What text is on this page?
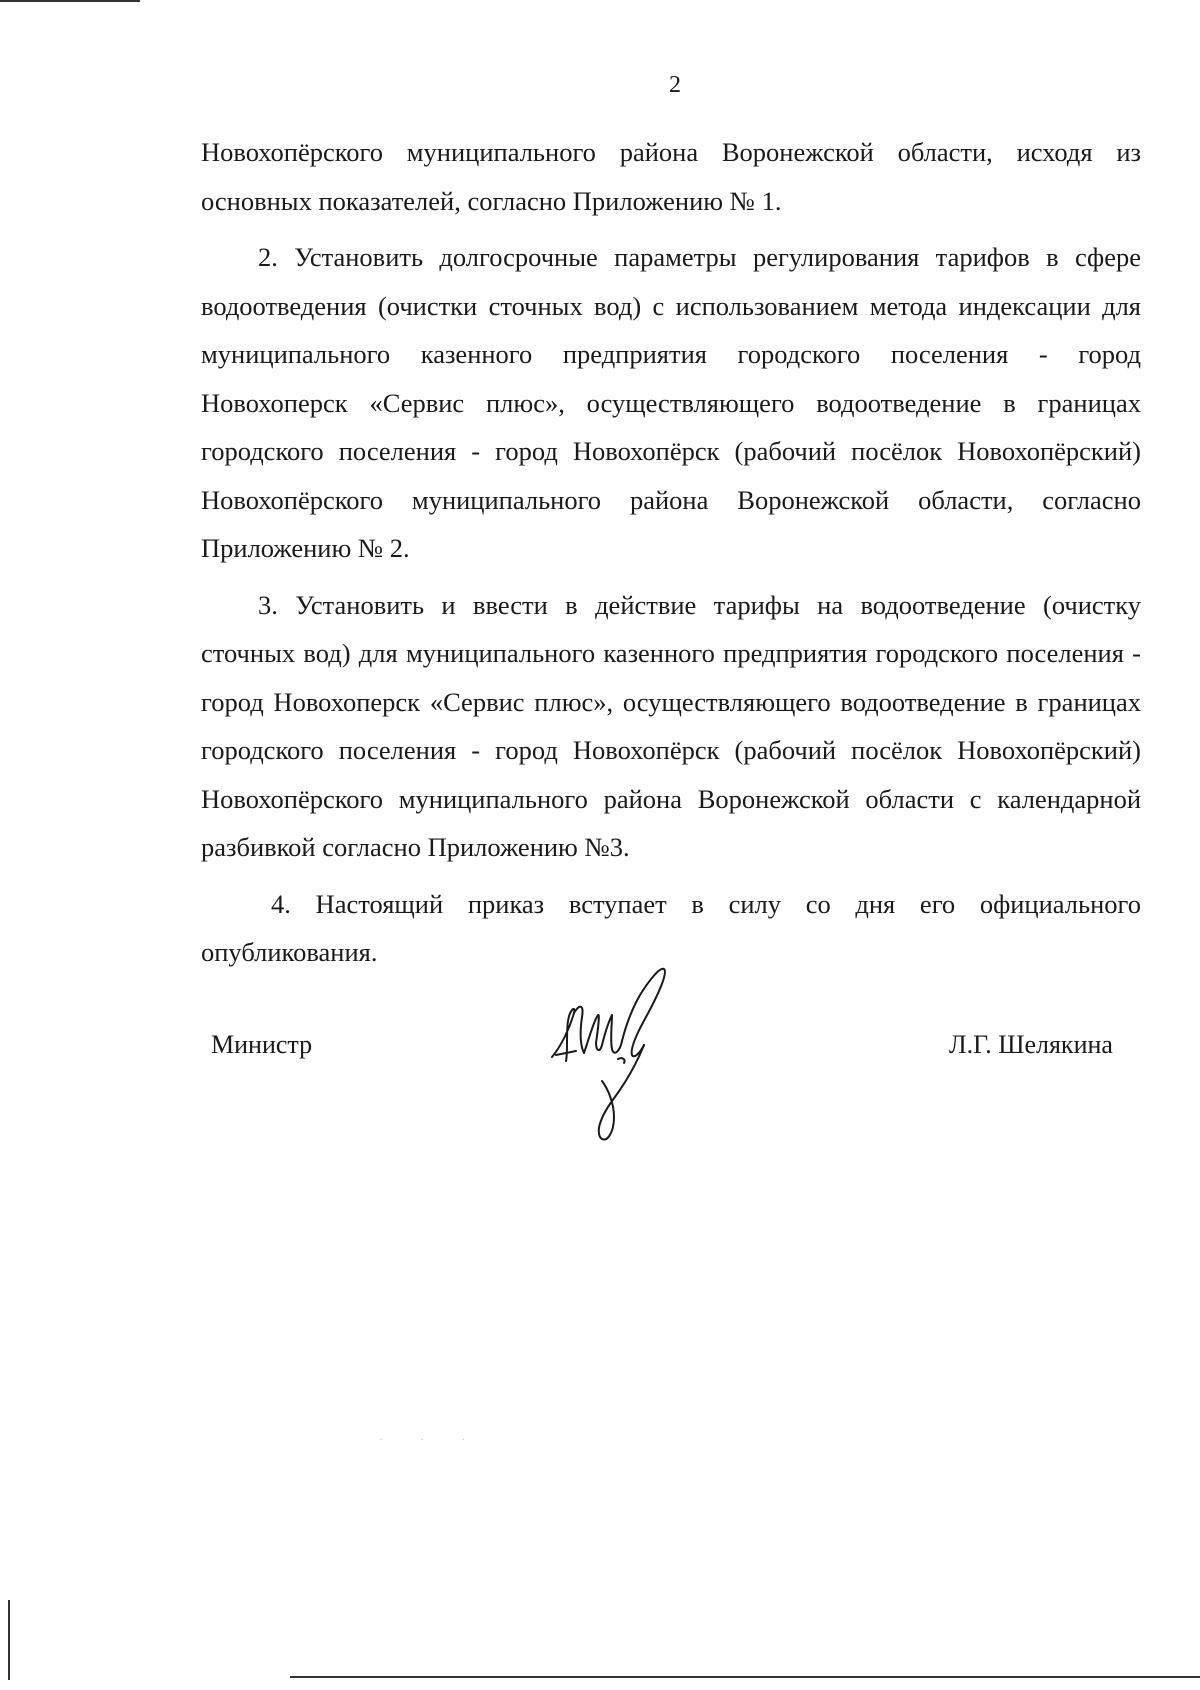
2

Новохопёрского муниципального района Воронежской области, исходя из основных показателей, согласно Приложению № 1.

2. Установить долгосрочные параметры регулирования тарифов в сфере водоотведения (очистки сточных вод) с использованием метода индексации для муниципального казенного предприятия городского поселения - город Новохоперск «Сервис плюс», осуществляющего водоотведение в границах городского поселения - город Новохопёрск (рабочий посёлок Новохопёрский) Новохопёрского муниципального района Воронежской области, согласно Приложению № 2.

3. Установить и ввести в действие тарифы на водоотведение (очистку сточных вод) для муниципального казенного предприятия городского поселения - город Новохоперск «Сервис плюс», осуществляющего водоотведение в границах городского поселения - город Новохопёрск (рабочий посёлок Новохопёрский) Новохопёрского муниципального района Воронежской области с календарной разбивкой согласно Приложению №3.

4. Настоящий приказ вступает в силу со дня его официального опубликования.

Министр	Л.Г. Шелякина
. . .
